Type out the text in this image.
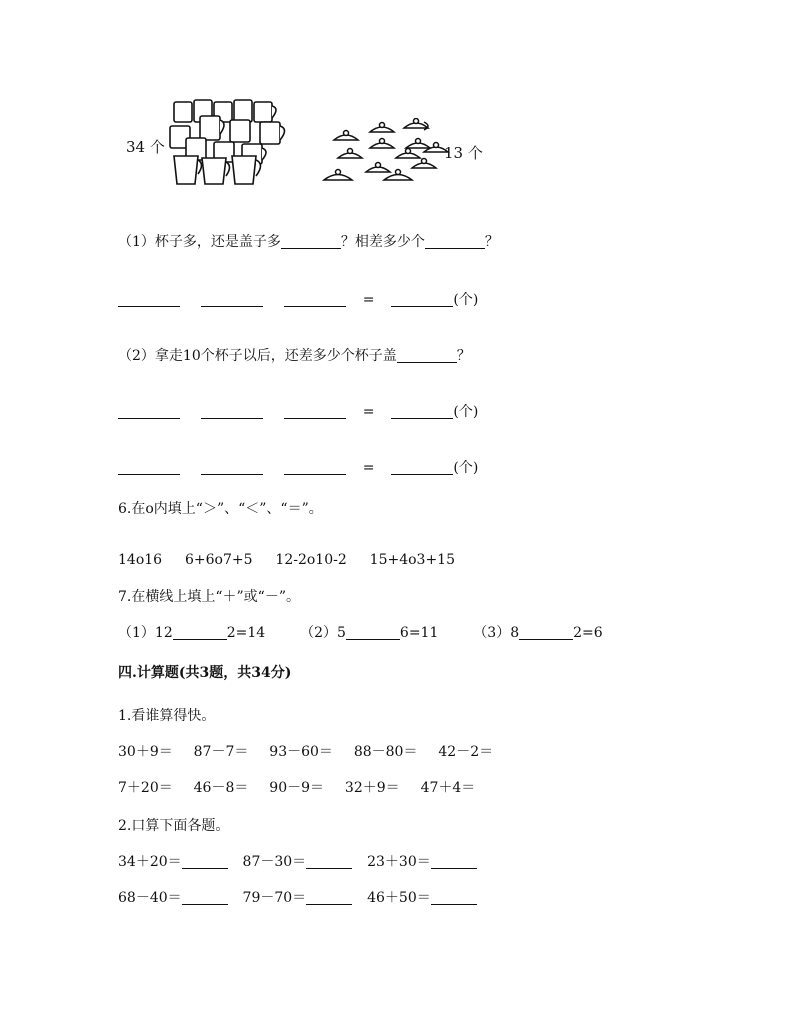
34 个	13 个
（1）杯子多，还是盖子多	？相差多少个	？
=	(个)
（2）拿走10个杯子以后，还差多少个杯子盖	？
=	(个)
=	(个)
6.在o内填上“＞”、“＜”、“＝”。
14o16 6+6o7+5 12-2o10-2 15+4o3+15
7.在横线上填上“＋”或“－”。
（1）12	2=14 （2）5	6=11 （3）8	2=6
四.计算题(共3题，共34分)
1.看谁算得快。
30＋9＝ 87－7＝ 93－60＝ 88－80＝ 42－2＝
7＋20＝ 46－8＝ 90－9＝ 32＋9＝ 47＋4＝
2.口算下面各题。
34＋20＝	87－30＝	23＋30＝
68－40＝	79－70＝	46＋50＝
